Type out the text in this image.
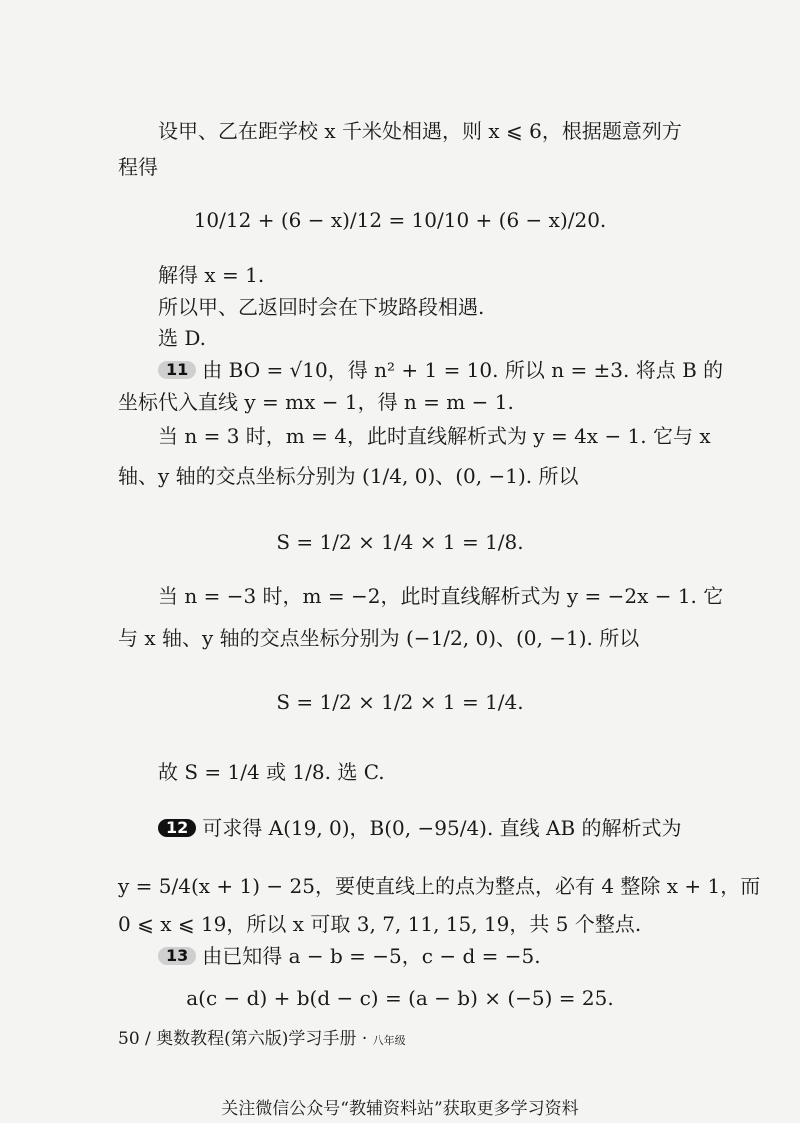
设甲、乙在距学校 x 千米处相遇，则 x ⩽ 6，根据题意列方
程得
10/12 + (6 − x)/12 = 10/10 + (6 − x)/20.
解得 x = 1.
所以甲、乙返回时会在下坡路段相遇.
选 D.
11 由 BO = √10，得 n² + 1 = 10. 所以 n = ±3. 将点 B 的
坐标代入直线 y = mx − 1，得 n = m − 1.
当 n = 3 时，m = 4，此时直线解析式为 y = 4x − 1. 它与 x
轴、y 轴的交点坐标分别为 (1/4, 0)、(0, −1). 所以
S = 1/2 × 1/4 × 1 = 1/8.
当 n = −3 时，m = −2，此时直线解析式为 y = −2x − 1. 它
与 x 轴、y 轴的交点坐标分别为 (−1/2, 0)、(0, −1). 所以
S = 1/2 × 1/2 × 1 = 1/4.
故 S = 1/4 或 1/8. 选 C.
12 可求得 A(19, 0)，B(0, −95/4). 直线 AB 的解析式为
y = 5/4(x + 1) − 25，要使直线上的点为整点，必有 4 整除 x + 1，而
0 ⩽ x ⩽ 19，所以 x 可取 3, 7, 11, 15, 19，共 5 个整点.
13 由已知得 a − b = −5，c − d = −5.
a(c − d) + b(d − c) = (a − b) × (−5) = 25.
50 / 奥数教程(第六版)学习手册 · 八年级
关注微信公众号“教辅资料站”获取更多学习资料
